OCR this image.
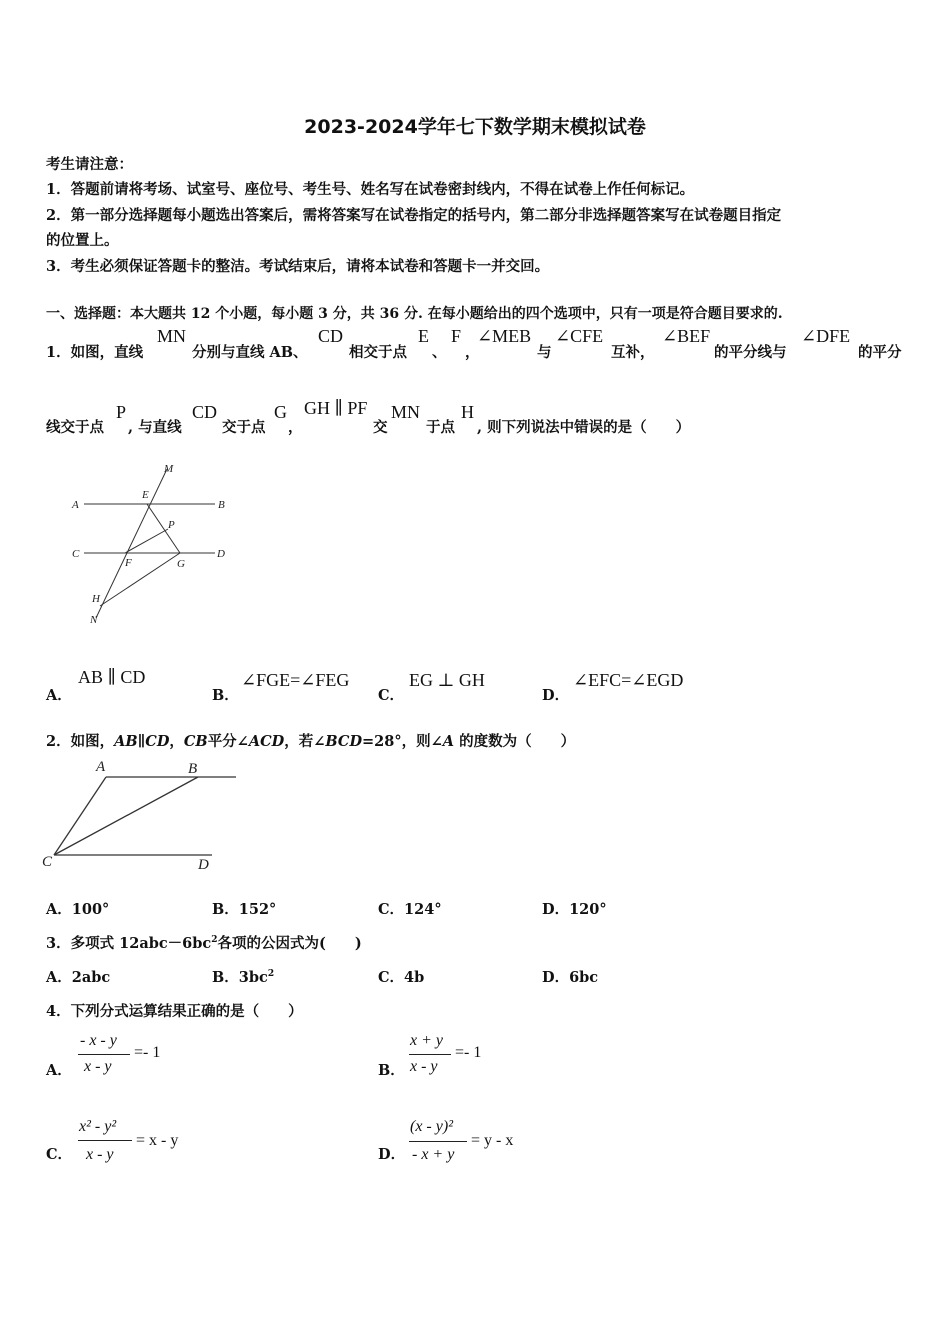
2023-2024学年七下数学期末模拟试卷
考生请注意：
1．答题前请将考场、试室号、座位号、考生号、姓名写在试卷密封线内，不得在试卷上作任何标记。
2．第一部分选择题每小题选出答案后，需将答案写在试卷指定的括号内，第二部分非选择题答案写在试卷题目指定
的位置上。
3．考生必须保证答题卡的整洁。考试结束后，请将本试卷和答题卡一并交回。
一、选择题：本大题共 12 个小题，每小题 3 分，共 36 分. 在每小题给出的四个选项中，只有一项是符合题目要求的.
1．如图，直线
MN
分别与直线 AB、
CD
相交于点
E
、
F
，
∠MEB
与
∠CFE
互补，
∠BEF
的平分线与
∠DFE
的平分
线交于点
P
, 与直线
CD
交于点
G
，
GH ∥ PF
交
MN
于点
H
, 则下列说法中错误的是（　　）
M
E
A	B
P
C
F	G
D
H
N
A．
AB ∥ CD
B．
∠FGE=∠FEG
C．
EG ⊥ GH
D．
∠EFC=∠EGD
2．如图，AB∥CD，CB平分∠ACD，若∠BCD=28°，则∠A 的度数为（　　）
A	B
C	D
A．100°	B．152°	C．124°	D．120°
3．多项式 $12abc-6bc^2$各项的公因式为(　　)
A．2abc	B．$3bc^2$	C．4b	D．6bc
4．下列分式运算结果正确的是（　　）
A．
- x - y
x - y
=- 1
B．
x + y
x - y
=- 1
C．
x² - y²
x - y
= x - y
D．
(x - y)²
- x + y
= y - x
